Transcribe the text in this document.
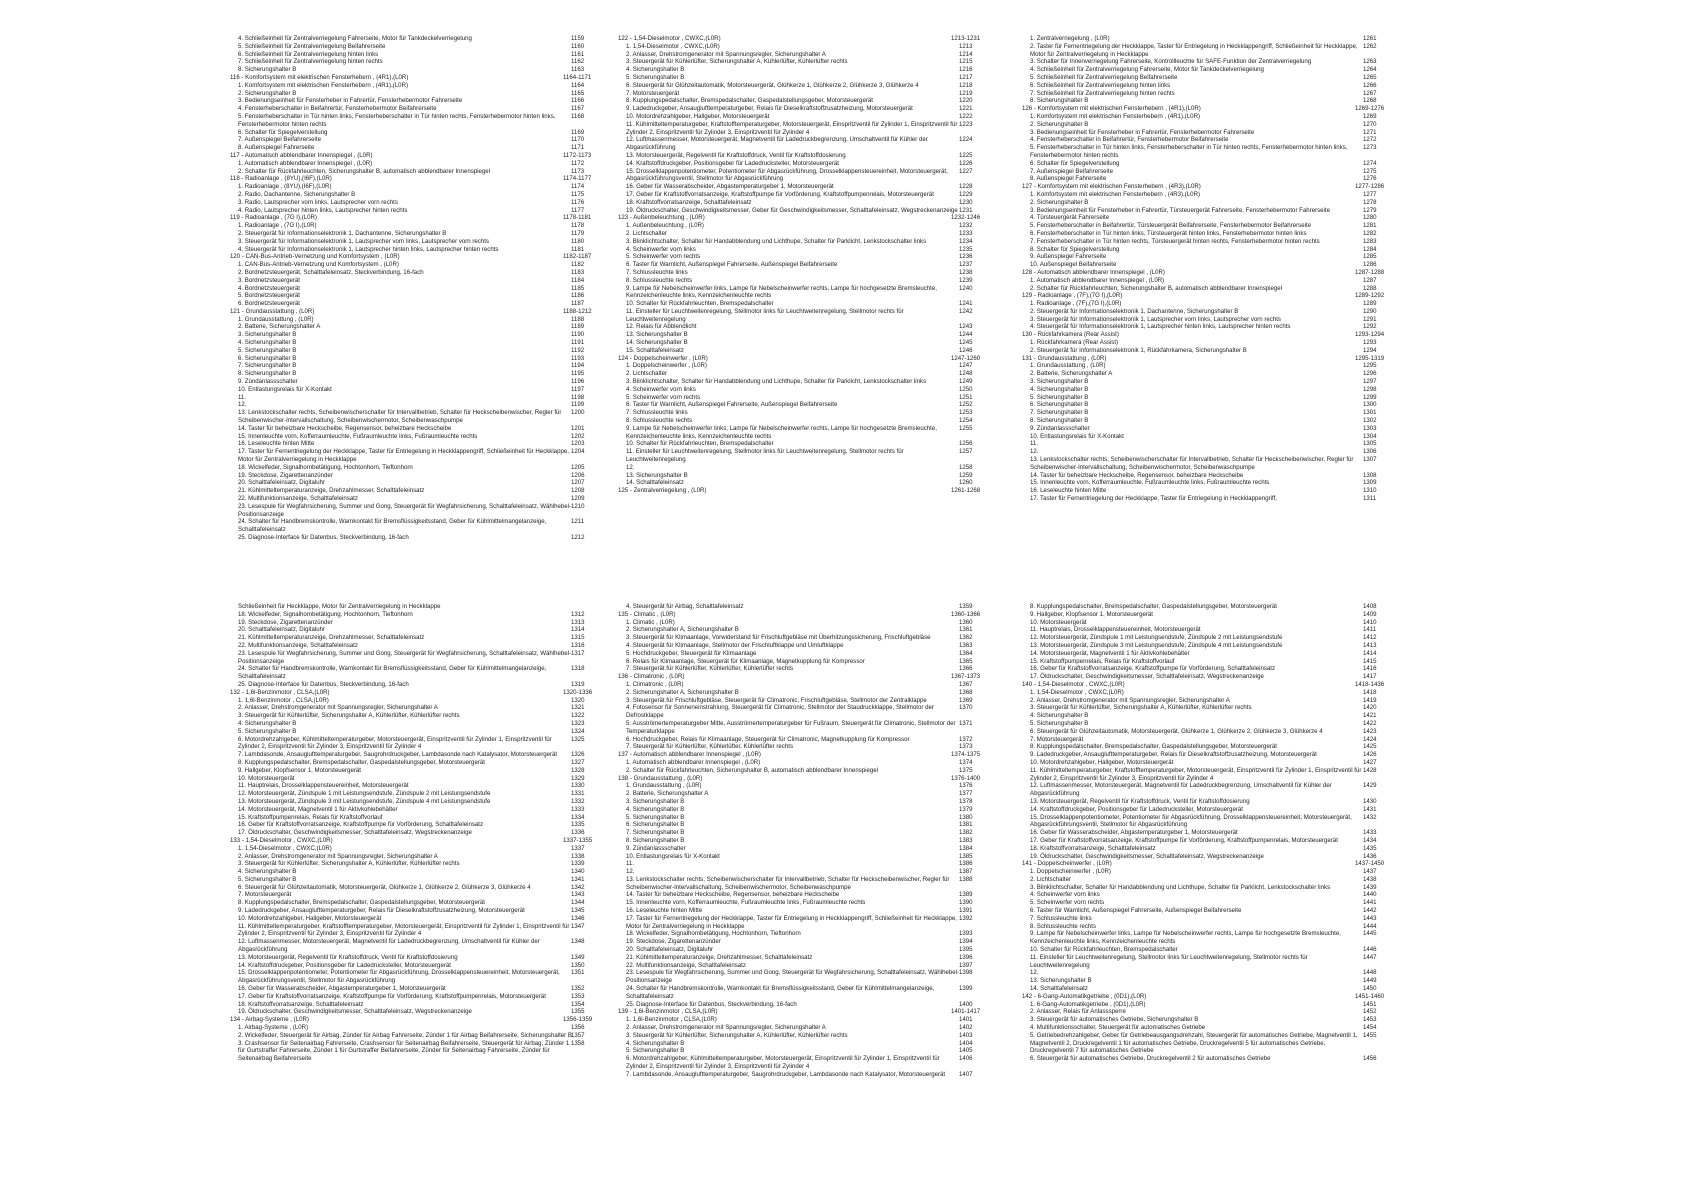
4. Schließeinheit für Zentralverriegelung Fahrerseite, Motor für Tankdeckelverriegelung	1159
5. Schließeinheit für Zentralverriegelung Beifahrerseite	1160
6. Schließeinheit für Zentralverriegelung hinten links	1161
7. Schließeinheit für Zentralverriegelung hinten rechts	1162
8. Sicherungshalter B	1163
116 - Komfortsystem mit elektrischen Fensterhebern , (4R1),(L0R)	1164-1171
1. Komfortsystem mit elektrischen Fensterhebern , (4R1),(L0R)	1164
2. Sicherungshalter B	1165
3. Bedienungseinheit für Fensterheber in Fahrertür, Fensterhebermotor Fahrerseite	1166
4. Fensterheberschalter in Beifahrertür, Fensterhebermotor Beifahrerseite	1167
5. Fensterheberschalter in Tür hinten links, Fensterheberschalter in Tür hinten rechts, Fensterhebermotor hinten links, Fensterhebermotor hinten rechts
1168
6. Schalter für Spiegelverstellung	1169
7. Außenspiegel Beifahrerseite	1170
8. Außenspiegel Fahrerseite	1171
117 - Automatisch abblendbarer Innenspiegel , (L0R)	1172-1173
1. Automatisch abblendbarer Innenspiegel , (L0R)	1172
2. Schalter für Rückfahrleuchten, Sicherungshalter B, automatisch abblendbarer Innenspiegel	1173
118 - Radioanlage , (8YU),(I6F),(L0R)	1174-1177
1. Radioanlage , (8YU),(I6F),(L0R)	1174
2. Radio, Dachantenne, Sicherungshalter B	1175
3. Radio, Lautsprecher vorn links, Lautsprecher vorn rechts	1176
4. Radio, Lautsprecher hinten links, Lautsprecher hinten rechts	1177
119 - Radioanlage , (7G I),(L0R)	1178-1181
1. Radioanlage , (7G I),(L0R)	1178
2. Steuergerät für Informationselektronik 1, Dachantenne, Sicherungshalter B	1179
3. Steuergerät für Informationselektronik 1, Lautsprecher vorn links, Lautsprecher vorn rechts	1180
4. Steuergerät für Informationselektronik 1, Lautsprecher hinten links, Lautsprecher hinten rechts	1181
120 - CAN-Bus-Antrieb-Vernetzung und Komfortsystem , (L0R)	1182-1187
1. CAN-Bus-Antrieb-Vernetzung und Komfortsystem , (L0R)	1182
2. Bordnetzsteuergerät, Schalttafeleinsatz, Steckverbindung, 16-fach	1183
3. Bordnetzsteuergerät	1184
4. Bordnetzsteuergerät	1185
5. Bordnetzsteuergerät	1186
6. Bordnetzsteuergerät	1187
121 - Grundausstattung , (L0R)	1188-1212
1. Grundausstattung , (L0R)	1188
2. Batterie, Sicherungshalter A	1189
3. Sicherungshalter B	1190
4. Sicherungshalter B	1191
5. Sicherungshalter B	1192
6. Sicherungshalter B	1193
7. Sicherungshalter B	1194
8. Sicherungshalter B	1195
9. Zündanlassschalter	1196
10. Entlastungsrelais für X-Kontakt	1197
11.	1198
12.	1199
13. Lenkstockschalter rechts, Scheibenwischerschalter für Intervallbetrieb, Schalter für Heckscheibenwischer, Regler für Scheibenwischer-Intervallschaltung, Scheibenwischermotor, Scheibenwaschpumpe
1200
14. Taster für beheizbare Heckscheibe, Regensensor, beheizbare Heckscheibe	1201
15. Innenleuchte vorn, Kofferraumleuchte, Fußraumleuchte links, Fußraumleuchte rechts	1202
16. Leseleuchte hinten Mitte	1203
17. Taster für Fernentriegelung der Heckklappe, Taster für Entriegelung in Heckklappengriff, Schließeinheit für Heckklappe, Motor für Zentralverriegelung in Heckklappe
1204
18. Wickelfeder, Signalhornbetätigung, Hochtonhorn, Tieftonhorn	1205
19. Steckdose, Zigarettenanzünder	1206
20. Schalttafeleinsatz, Digitaluhr	1207
21. Kühlmitteltemperaturanzeige, Drehzahlmesser, Schalttafeleinsatz	1208
22. Multifunktionsanzeige, Schalttafeleinsatz	1209
23. Lesespule für Wegfahrsicherung, Summer und Gong, Steuergerät für Wegfahrsicherung, Schalttafeleinsatz, Wählhebel-Positionsanzeige
1210
24. Schalter für Handbremskontrolle, Warnkontakt für Bremsflüssigkeitsstand, Geber für Kühlmittelmangelanzeige, Schalttafeleinsatz
1211
25. Diagnose-Interface für Datenbus, Steckverbindung, 16-fach	1212
122 - 1,54-Dieselmotor , CWXC,(L0R)	1213-1231
1. 1,54-Dieselmotor , CWXC,(L0R)	1213
2. Anlasser, Drehstromgenerator mit Spannungsregler, Sicherungshalter A	1214
3. Steuergerät für Kühlerlüfter, Sicherungshalter A, Kühlerlüfter, Kühlerlüfter rechts	1215
4. Sicherungshalter B	1216
5. Sicherungshalter B	1217
6. Steuergerät für Glühzeitautomatik, Motorsteuergerät, Glühkerze 1, Glühkerze 2, Glühkerze 3, Glühkerze 4	1218
7. Motorsteuergerät	1219
8. Kupplungspedalschalter, Bremspedalschalter, Gaspedalstellungsgeber, Motorsteuergerät	1220
9. Ladedruckgeber, Ansauglufttemperaturgeber, Relais für Dieselkraftstoffzusatzheizung, Motorsteuergerät	1221
10. Motordrehzahlgeber, Hallgeber, Motorsteuergerät	1222
11. Kühlmitteltemperaturgeber, Kraftstofftemperaturgeber, Motorsteuergerät, Einspritzventil für Zylinder 1, Einspritzventil für Zylinder 2, Einspritzventil für Zylinder 3, Einspritzventil für Zylinder 4
1223
12. Luftmassenmesser, Motorsteuergerät, Magnetventil für Ladedruckbegrenzung, Umschaltventil für Kühler der Abgasrückführung
1224
13. Motorsteuergerät, Regelventil für Kraftstoffdruck, Ventil für Kraftstoffdosierung	1225
14. Kraftstoffdruckgeber, Positionsgeber für Ladedrucksteller, Motorsteuergerät	1226
15. Drosselklappenpotentiometer, Potentiometer für Abgasrückführung, Drosselklappensteuereinheit, Motorsteuergerät, Abgasrückführungsventil, Stellmotor für Abgasrückführung
1227
16. Geber für Wasserabscheider, Abgastemperaturgeber 1, Motorsteuergerät	1228
17. Geber für Kraftstoffvorratsanzeige, Kraftstoffpumpe für Vorförderung, Kraftstoffpumpenrelais, Motorsteuergerät	1229
18. Kraftstoffvorratsanzeige, Schalttafeleinsatz	1230
19. Öldruckschalter, Geschwindigkeitsmesser, Geber für Geschwindigkeitsmesser, Schalttafeleinsatz, Wegstreckenanzeige 1231
123 - Außenbeleuchtung , (L0R)	1232-1246
1. Außenbeleuchtung , (L0R)	1232
2. Lichtschalter	1233
3. Blinklichtschalter, Schalter für Handabblendung und Lichthupe, Schalter für Parklicht, Lenkstockschalter links	1234
4. Scheinwerfer vorn links	1235
5. Scheinwerfer vorn rechts	1236
6. Taster für Warnlicht, Außenspiegel Fahrerseite, Außenspiegel Beifahrerseite	1237
7. Schlussleuchte links	1238
8. Schlussleuchte rechts	1239
9. Lampe für Nebelscheinwerfer links, Lampe für Nebelscheinwerfer rechts, Lampe für hochgesetzte Bremsleuchte, Kennzeichenleuchte links, Kennzeichenleuchte rechts
1240
10. Schalter für Rückfahrleuchten, Bremspedalschalter	1241
11. Einsteller für Leuchtweitenregelung, Stellmotor links für Leuchtweitenregelung, Stellmotor rechts für Leuchtweitenregelung
1242
12. Relais für Abblendlicht	1243
13. Sicherungshalter B	1244
14. Sicherungshalter B	1245
15. Schalttafeleinsatz	1246
124 - Doppelscheinwerfer , (L0R)	1247-1260
1. Doppelscheinwerfer , (L0R)	1247
2. Lichtschalter	1248
3. Blinklichtschalter, Schalter für Handabblendung und Lichthupe, Schalter für Parklicht, Lenkstockschalter links	1249
4. Scheinwerfer vorn links	1250
5. Scheinwerfer vorn rechts	1251
6. Taster für Warnlicht, Außenspiegel Fahrerseite, Außenspiegel Beifahrerseite	1252
7. Schlussleuchte links	1253
8. Schlussleuchte rechts	1254
9. Lampe für Nebelscheinwerfer links, Lampe für Nebelscheinwerfer rechts, Lampe für hochgesetzte Bremsleuchte, Kennzeichenleuchte links, Kennzeichenleuchte rechts
1255
10. Schalter für Rückfahrleuchten, Bremspedalschalter	1256
11. Einsteller für Leuchtweitenregelung, Stellmotor links für Leuchtweitenregelung, Stellmotor rechts für Leuchtweitenregelung
1257
12.	1258
13. Sicherungshalter B	1259
14. Schalttafeleinsatz	1260
125 - Zentralverriegelung , (L0R)	1261-1268
1. Zentralverriegelung , (L0R)	1261
2. Taster für Fernentriegelung der Heckklappe, Taster für Entriegelung in Heckklappengriff, Schließeinheit für Heckklappe, Motor für Zentralverriegelung in Heckklappe
1262
3. Schalter für Innenverriegelung Fahrerseite, Kontrollleuchte für SAFE-Funktion der Zentralverriegelung	1263
4. Schließeinheit für Zentralverriegelung Fahrerseite, Motor für Tankdeckelverriegelung	1264
5. Schließeinheit für Zentralverriegelung Beifahrerseite	1265
6. Schließeinheit für Zentralverriegelung hinten links	1266
7. Schließeinheit für Zentralverriegelung hinten rechts	1267
8. Sicherungshalter B	1268
126 - Komfortsystem mit elektrischen Fensterhebern , (4R1),(L0R)	1269-1276
1. Komfortsystem mit elektrischen Fensterhebern , (4R1),(L0R)	1269
2. Sicherungshalter B	1270
3. Bedienungseinheit für Fensterheber in Fahrertür, Fensterhebermotor Fahrerseite	1271
4. Fensterheberschalter in Beifahrertür, Fensterhebermotor Beifahrerseite	1272
5. Fensterheberschalter in Tür hinten links, Fensterheberschalter in Tür hinten rechts, Fensterhebermotor hinten links, Fensterhebermotor hinten rechts
1273
6. Schalter für Spiegelverstellung	1274
7. Außenspiegel Beifahrerseite	1275
8. Außenspiegel Fahrerseite	1276
127 - Komfortsystem mit elektrischen Fensterhebern , (4R3),(L0R)	1277-1286
1. Komfortsystem mit elektrischen Fensterhebern , (4R3),(L0R)	1277
2. Sicherungshalter B	1278
3. Bedienungseinheit für Fensterheber in Fahrertür, Türsteuergerät Fahrerseite, Fensterhebermotor Fahrerseite	1279
4. Türsteuergerät Fahrerseite	1280
5. Fensterheberschalter in Beifahrertür, Türsteuergerät Beifahrerseite, Fensterhebermotor Beifahrerseite	1281
6. Fensterheberschalter in Tür hinten links, Türsteuergerät hinten links, Fensterhebermotor hinten links	1282
7. Fensterheberschalter in Tür hinten rechts, Türsteuergerät hinten rechts, Fensterhebermotor hinten rechts	1283
8. Schalter für Spiegelverstellung	1284
9. Außenspiegel Fahrerseite	1285
10. Außenspiegel Beifahrerseite	1286
128 - Automatisch abblendbarer Innenspiegel , (L0R)	1287-1288
1. Automatisch abblendbarer Innenspiegel , (L0R)	1287
2. Schalter für Rückfahrleuchten, Sicherungshalter B, automatisch abblendbarer Innenspiegel	1288
129 - Radioanlage , (7F),(7G I),(L0R)	1289-1292
1. Radioanlage , (7F),(7G I),(L0R)	1289
2. Steuergerät für Informationselektronik 1, Dachantenne, Sicherungshalter B	1290
3. Steuergerät für Informationselektronik 1, Lautsprecher vorn links, Lautsprecher vorn rechts	1291
4. Steuergerät für Informationselektronik 1, Lautsprecher hinten links, Lautsprecher hinten rechts	1292
130 - Rückfahrkamera (Rear Assist)	1293-1294
1. Rückfahrkamera (Rear Assist)	1293
2. Steuergerät für Informationselektronik 1, Rückfahrkamera, Sicherungshalter B	1294
131 - Grundausstattung , (L0R)	1295-1319
1. Grundausstattung , (L0R)	1295
2. Batterie, Sicherungshalter A	1296
3. Sicherungshalter B	1297
4. Sicherungshalter B	1298
5. Sicherungshalter B	1299
6. Sicherungshalter B	1300
7. Sicherungshalter B	1301
8. Sicherungshalter B	1302
9. Zündanlassschalter	1303
10. Entlastungsrelais für X-Kontakt	1304
11.	1305
12.	1306
13. Lenkstockschalter rechts, Scheibenwischerschalter für Intervallbetrieb, Schalter für Heckscheibenwischer, Regler für Scheibenwischer-Intervallschaltung, Scheibenwischermotor, Scheibenwaschpumpe
1307
14. Taster für beheizbare Heckscheibe, Regensensor, beheizbare Heckscheibe	1308
15. Innenleuchte vorn, Kofferraumleuchte, Fußraumleuchte links, Fußraumleuchte rechts	1309
16. Leseleuchte hinten Mitte	1310
17. Taster für Fernentriegelung der Heckklappe, Taster für Entriegelung in Heckklappengriff,	1311
Schließeinheit für Heckklappe, Motor für Zentralverriegelung in Heckklappe
18. Wickelfeder, Signalhornbetätigung, Hochtonhorn, Tieftonhorn	1312
19. Steckdose, Zigarettenanzünder	1313
20. Schalttafeleinsatz, Digitaluhr	1314
21. Kühlmitteltemperaturanzeige, Drehzahlmesser, Schalttafeleinsatz	1315
22. Multifunktionsanzeige, Schalttafeleinsatz	1316
23. Lesespule für Wegfahrsicherung, Summer und Gong, Steuergerät für Wegfahrsicherung, Schalttafeleinsatz, Wählhebel-Positionsanzeige
1317
24. Schalter für Handbremskontrolle, Warnkontakt für Bremsflüssigkeitsstand, Geber für Kühlmittelmangelanzeige, Schalttafeleinsatz
1318
25. Diagnose-Interface für Datenbus, Steckverbindung, 16-fach	1319
132 - 1,6l-Benzinmotor , CLSA,(L0R)	1320-1336
1. 1,6l-Benzinmotor , CLSA,(L0R)	1320
2. Anlasser, Drehstromgenerator mit Spannungsregler, Sicherungshalter A	1321
3. Steuergerät für Kühlerlüfter, Sicherungshalter A, Kühlerlüfter, Kühlerlüfter rechts	1322
4. Sicherungshalter B	1323
5. Sicherungshalter B	1324
6. Motordrehzahlgeber, Kühlmitteltemperaturgeber, Motorsteuergerät, Einspritzventil für Zylinder 1, Einspritzventil für Zylinder 2, Einspritzventil für Zylinder 3, Einspritzventil für Zylinder 4
1325
7. Lambdasonde, Ansauglufttemperaturgeber, Saugrohrdruckgeber, Lambdasonde nach Katalysator, Motorsteuergerät	1326
8. Kupplungspedalschalter, Bremspedalschalter, Gaspedalstellungsgeber, Motorsteuergerät	1327
9. Hallgeber, Klopfsensor 1, Motorsteuergerät	1328
10. Motorsteuergerät	1329
11. Hauptrelais, Drosselklappensteuereinheit, Motorsteuergerät	1330
12. Motorsteuergerät, Zündspule 1 mit Leistungsendstufe, Zündspule 2 mit Leistungsendstufe	1331
13. Motorsteuergerät, Zündspule 3 mit Leistungsendstufe, Zündspule 4 mit Leistungsendstufe	1332
14. Motorsteuergerät, Magnetventil 1 für Aktivkohlebehälter	1333
15. Kraftstoffpumpenrelais, Relais für Kraftstoffvorlauf	1334
16. Geber für Kraftstoffvorratsanzeige, Kraftstoffpumpe für Vorförderung, Schalttafeleinsatz	1335
17. Öldruckschalter, Geschwindigkeitsmesser, Schalttafeleinsatz, Wegstreckenanzeige	1336
133 - 1,54-Dieselmotor , CWXC,(L0R)	1337-1355
1. 1,54-Dieselmotor , CWXC,(L0R)	1337
2. Anlasser, Drehstromgenerator mit Spannungsregler, Sicherungshalter A	1338
3. Steuergerät für Kühlerlüfter, Sicherungshalter A, Kühlerlüfter, Kühlerlüfter rechts	1339
4. Sicherungshalter B	1340
5. Sicherungshalter B	1341
6. Steuergerät für Glühzeitautomatik, Motorsteuergerät, Glühkerze 1, Glühkerze 2, Glühkerze 3, Glühkerze 4	1342
7. Motorsteuergerät	1343
8. Kupplungspedalschalter, Bremspedalschalter, Gaspedalstellungsgeber, Motorsteuergerät	1344
9. Ladedruckgeber, Ansauglufttemperaturgeber, Relais für Dieselkraftstoffzusatzheizung, Motorsteuergerät	1345
10. Motordrehzahlgeber, Hallgeber, Motorsteuergerät	1346
11. Kühlmitteltemperaturgeber, Kraftstofftemperaturgeber, Motorsteuergerät, Einspritzventil für Zylinder 1, Einspritzventil für Zylinder 2, Einspritzventil für Zylinder 3, Einspritzventil für Zylinder 4
1347
12. Luftmassenmesser, Motorsteuergerät, Magnetventil für Ladedruckbegrenzung, Umschaltventil für Kühler der Abgasrückführung
1348
13. Motorsteuergerät, Regelventil für Kraftstoffdruck, Ventil für Kraftstoffdosierung	1349
14. Kraftstoffdruckgeber, Positionsgeber für Ladedrucksteller, Motorsteuergerät	1350
15. Drosselklappenpotentiometer, Potentiometer für Abgasrückführung, Drosselklappensteuereinheit, Motorsteuergerät, Abgasrückführungsventil, Stellmotor für Abgasrückführung
1351
16. Geber für Wasserabscheider, Abgastemperaturgeber 1, Motorsteuergerät	1352
17. Geber für Kraftstoffvorratsanzeige, Kraftstoffpumpe für Vorförderung, Kraftstoffpumpenrelais, Motorsteuergerät	1353
18. Kraftstoffvorratsanzeige, Schalttafeleinsatz	1354
19. Öldruckschalter, Geschwindigkeitsmesser, Schalttafeleinsatz, Wegstreckenanzeige	1355
134 - Airbag-Systeme , (L0R)	1356-1359
1. Airbag-Systeme , (L0R)	1356
2. Wickelfeder, Steuergerät für Airbag, Zünder für Airbag Fahrerseite, Zünder 1 für Airbag Beifahrerseite, Sicherungshalter B 1357
3. Crashsensor für Seitenairbag Fahrerseite, Crashsensor für Seitenairbag Beifahrerseite, Steuergerät für Airbag, Zünder 1 für Gurtstraffer Fahrerseite, Zünder 1 für Gurtstraffer Beifahrerseite, Zünder für Seitenairbag Fahrerseite, Zünder für Seitenairbag Beifahrerseite
1358
4. Steuergerät für Airbag, Schalttafeleinsatz	1359
135 - Climatic , (L0R)	1360-1366
1. Climatic , (L0R)	1360
2. Sicherungshalter A, Sicherungshalter B	1361
3. Steuergerät für Klimaanlage, Vorwiderstand für Frischluftgebläse mit Überhitzungssicherung, Frischluftgebläse	1362
4. Steuergerät für Klimaanlage, Stellmotor der Frischluftklappe und Umluftklappe	1363
5. Hochdruckgeber, Steuergerät für Klimaanlage	1364
6. Relais für Klimaanlage, Steuergerät für Klimaanlage, Magnetkupplung für Kompressor	1365
7. Steuergerät für Kühlerlüfter, Kühlerlüfter, Kühlerlüfter rechts	1366
136 - Climatronic , (L0R)	1367-1373
1. Climatronic , (L0R)	1367
2. Sicherungshalter A, Sicherungshalter B	1368
3. Steuergerät für Frischluftgebläse, Steuergerät für Climatronic, Frischluftgebläse, Stellmotor der Zentralklappe	1369
4. Fotosensor für Sonneneinstrahlung, Steuergerät für Climatronic, Stellmotor der Staudruckklappe, Stellmotor der Defrostklappe
1370
5. Ausströmertemperaturgeber Mitte, Ausströmertemperaturgeber für Fußraum, Steuergerät für Climatronic, Stellmotor der Temperaturklappe
1371
6. Hochdruckgeber, Relais für Klimaanlage, Steuergerät für Climatronic, Magnetkupplung für Kompressor	1372
7. Steuergerät für Kühlerlüfter, Kühlerlüfter, Kühlerlüfter rechts	1373
137 - Automatisch abblendbarer Innenspiegel , (L0R)	1374-1375
1. Automatisch abblendbarer Innenspiegel , (L0R)	1374
2. Schalter für Rückfahrleuchten, Sicherungshalter B, automatisch abblendbarer Innenspiegel	1375
138 - Grundausstattung , (L0R)	1376-1400
1. Grundausstattung , (L0R)	1376
2. Batterie, Sicherungshalter A	1377
3. Sicherungshalter B	1378
4. Sicherungshalter B	1379
5. Sicherungshalter B	1380
6. Sicherungshalter B	1381
7. Sicherungshalter B	1382
8. Sicherungshalter B	1383
9. Zündanlassschalter	1384
10. Entlastungsrelais für X-Kontakt	1385
11.	1386
12.	1387
13. Lenkstockschalter rechts, Scheibenwischerschalter für Intervallbetrieb, Schalter für Heckscheibenwischer, Regler für Scheibenwischer-Intervallschaltung, Scheibenwischermotor, Scheibenwaschpumpe
1388
14. Taster für beheizbare Heckscheibe, Regensensor, beheizbare Heckscheibe	1389
15. Innenleuchte vorn, Kofferraumleuchte, Fußraumleuchte links, Fußraumleuchte rechts	1390
16. Leseleuchte hinten Mitte	1391
17. Taster für Fernentriegelung der Heckklappe, Taster für Entriegelung in Heckklappengriff, Schließeinheit für Heckklappe, Motor für Zentralverriegelung in Heckklappe
1392
18. Wickelfeder, Signalhornbetätigung, Hochtonhorn, Tieftonhorn	1393
19. Steckdose, Zigarettenanzünder	1394
20. Schalttafeleinsatz, Digitaluhr	1395
21. Kühlmitteltemperaturanzeige, Drehzahlmesser, Schalttafeleinsatz	1396
22. Multifunktionsanzeige, Schalttafeleinsatz	1397
23. Lesespule für Wegfahrsicherung, Summer und Gong, Steuergerät für Wegfahrsicherung, Schalttafeleinsatz, Wählhebel-Positionsanzeige
1398
24. Schalter für Handbremskontrolle, Warnkontakt für Bremsflüssigkeitsstand, Geber für Kühlmittelmangelanzeige, Schalttafeleinsatz
1399
25. Diagnose-Interface für Datenbus, Steckverbindung, 16-fach	1400
139 - 1,6l-Benzinmotor , CLSA,(L0R)	1401-1417
1. 1,6l-Benzinmotor , CLSA,(L0R)	1401
2. Anlasser, Drehstromgenerator mit Spannungsregler, Sicherungshalter A	1402
3. Steuergerät für Kühlerlüfter, Sicherungshalter A, Kühlerlüfter, Kühlerlüfter rechts	1403
4. Sicherungshalter B	1404
5. Sicherungshalter B	1405
6. Motordrehzahlgeber, Kühlmitteltemperaturgeber, Motorsteuergerät, Einspritzventil für Zylinder 1, Einspritzventil für Zylinder 2, Einspritzventil für Zylinder 3, Einspritzventil für Zylinder 4
1406
7. Lambdasonde, Ansauglufttemperaturgeber, Saugrohrdruckgeber, Lambdasonde nach Katalysator, Motorsteuergerät	1407
8. Kupplungspedalschalter, Bremspedalschalter, Gaspedalstellungsgeber, Motorsteuergerät	1408
9. Hallgeber, Klopfsensor 1, Motorsteuergerät	1409
10. Motorsteuergerät	1410
11. Hauptrelais, Drosselklappensteuereinheit, Motorsteuergerät	1411
12. Motorsteuergerät, Zündspule 1 mit Leistungsendstufe, Zündspule 2 mit Leistungsendstufe	1412
13. Motorsteuergerät, Zündspule 3 mit Leistungsendstufe, Zündspule 4 mit Leistungsendstufe	1413
14. Motorsteuergerät, Magnetventil 1 für Aktivkohlebehälter	1414
15. Kraftstoffpumpenrelais, Relais für Kraftstoffvorlauf	1415
16. Geber für Kraftstoffvorratsanzeige, Kraftstoffpumpe für Vorförderung, Schalttafeleinsatz	1416
17. Öldruckschalter, Geschwindigkeitsmesser, Schalttafeleinsatz, Wegstreckenanzeige	1417
140 - 1,54-Dieselmotor , CWXC,(L0R)	1418-1436
1. 1,54-Dieselmotor , CWXC,(L0R)	1418
2. Anlasser, Drehstromgenerator mit Spannungsregler, Sicherungshalter A	1419
3. Steuergerät für Kühlerlüfter, Sicherungshalter A, Kühlerlüfter, Kühlerlüfter rechts	1420
4. Sicherungshalter B	1421
5. Sicherungshalter B	1422
6. Steuergerät für Glühzeitautomatik, Motorsteuergerät, Glühkerze 1, Glühkerze 2, Glühkerze 3, Glühkerze 4	1423
7. Motorsteuergerät	1424
8. Kupplungspedalschalter, Bremspedalschalter, Gaspedalstellungsgeber, Motorsteuergerät	1425
9. Ladedruckgeber, Ansauglufttemperaturgeber, Relais für Dieselkraftstoffzusatzheizung, Motorsteuergerät	1426
10. Motordrehzahlgeber, Hallgeber, Motorsteuergerät	1427
11. Kühlmitteltemperaturgeber, Kraftstofftemperaturgeber, Motorsteuergerät, Einspritzventil für Zylinder 1, Einspritzventil für Zylinder 2, Einspritzventil für Zylinder 3, Einspritzventil für Zylinder 4
1428
12. Luftmassenmesser, Motorsteuergerät, Magnetventil für Ladedruckbegrenzung, Umschaltventil für Kühler der Abgasrückführung
1429
13. Motorsteuergerät, Regelventil für Kraftstoffdruck, Ventil für Kraftstoffdosierung	1430
14. Kraftstoffdruckgeber, Positionsgeber für Ladedrucksteller, Motorsteuergerät	1431
15. Drosselklappenpotentiometer, Potentiometer für Abgasrückführung, Drosselklappensteuereinheit, Motorsteuergerät, Abgasrückführungsventil, Stellmotor für Abgasrückführung
1432
16. Geber für Wasserabscheider, Abgastemperaturgeber 1, Motorsteuergerät	1433
17. Geber für Kraftstoffvorratsanzeige, Kraftstoffpumpe für Vorförderung, Kraftstoffpumpenrelais, Motorsteuergerät	1434
18. Kraftstoffvorratsanzeige, Schalttafeleinsatz	1435
19. Öldruckschalter, Geschwindigkeitsmesser, Schalttafeleinsatz, Wegstreckenanzeige	1436
141 - Doppelscheinwerfer , (L0R)	1437-1450
1. Doppelscheinwerfer , (L0R)	1437
2. Lichtschalter	1438
3. Blinklichtschalter, Schalter für Handabblendung und Lichthupe, Schalter für Parklicht, Lenkstockschalter links	1439
4. Scheinwerfer vorn links	1440
5. Scheinwerfer vorn rechts	1441
6. Taster für Warnlicht, Außenspiegel Fahrerseite, Außenspiegel Beifahrerseite	1442
7. Schlussleuchte links	1443
8. Schlussleuchte rechts	1444
9. Lampe für Nebelscheinwerfer links, Lampe für Nebelscheinwerfer rechts, Lampe für hochgesetzte Bremsleuchte, Kennzeichenleuchte links, Kennzeichenleuchte rechts
1445
10. Schalter für Rückfahrleuchten, Bremspedalschalter	1446
11. Einsteller für Leuchtweitenregelung, Stellmotor links für Leuchtweitenregelung, Stellmotor rechts für Leuchtweitenregelung
1447
12.	1448
13. Sicherungshalter B	1449
14. Schalttafeleinsatz	1450
142 - 6-Gang-Automatikgetriebe , (0D1),(L0R)	1451-1460
1. 6-Gang-Automatikgetriebe , (0D1),(L0R)	1451
2. Anlasser, Relais für Anlasssperre	1452
3. Steuergerät für automatisches Getriebe, Sicherungshalter B	1453
4. Multifunktionsschalter, Steuergerät für automatisches Getriebe	1454
5. Getriebedrehzahlgeber, Geber für Getriebeausgangsdrehzahl, Steuergerät für automatisches Getriebe, Magnetventil 1, Magnetventil 2, Druckregelventil 1 für automatisches Getriebe, Druckregelventil 5 für automatisches Getriebe, Druckregelventil 7 für automatisches Getriebe
1455
6. Steuergerät für automatisches Getriebe, Druckregelventil 2 für automatisches Getriebe	1456
